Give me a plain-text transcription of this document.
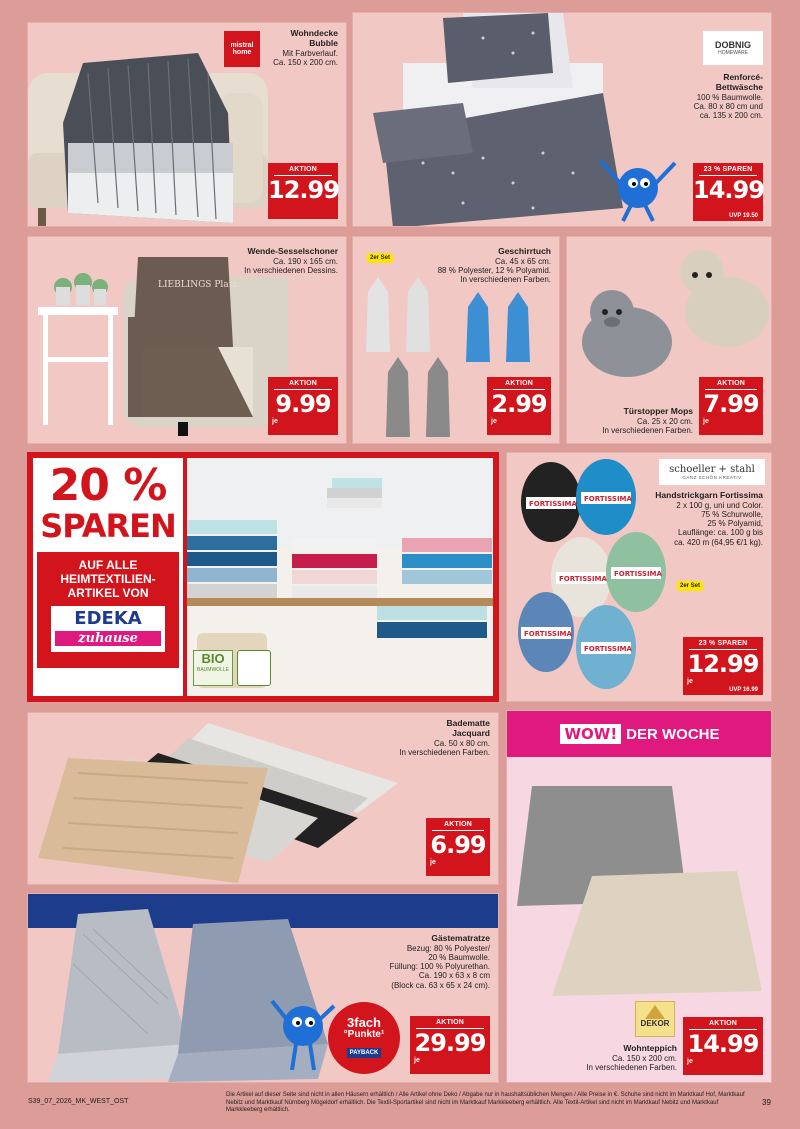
mistral home
Wohndecke
Bubble
Mit Farbverlauf.
Ca. 150 x 200 cm.
AKTION
12.99
DOBNIG
HOMEWARE
Renforcé-
Bettwäsche
100 % Baumwolle.
Ca. 80 x 80 cm und
ca. 135 x 200 cm.
23 % SPAREN
14.99
UVP 19.50
LIEBLINGS Platz
Wende-Sesselschoner
Ca. 190 x 165 cm.
In verschiedenen Dessins.
AKTION
9.99
je
2er Set
Geschirrtuch
Ca. 45 x 65 cm.
88 % Polyester, 12 % Polyamid.
In verschiedenen Farben.
AKTION
2.99
je
AKTION
7.99
je
Türstopper Mops
Ca. 25 x 20 cm.
In verschiedenen Farben.
20 %
SPAREN
AUF ALLE
HEIMTEXTILIEN-
ARTIKEL VON
EDEKA
zuhause
BIO
BAUMWOLLE
schoeller + stahl
GANZ SCHÖN KREATIV
Handstrickgarn Fortissima
2 x 100 g, uni und Color.
75 % Schurwolle,
25 % Polyamid,
Lauflänge: ca. 100 g bis
ca. 420 m (64,95 €/1 kg).
2er Set
FORTISSIMA
FORTISSIMA
FORTISSIMA
FORTISSIMA
FORTISSIMA
FORTISSIMA
23 % SPAREN
12.99
je
UVP 16.99
Badematte
Jacquard
Ca. 50 x 80 cm.
In verschiedenen Farben.
AKTION
6.99
je
3fach
°Punkte¹
PAYBACK
Gästematratze
Bezug: 80 % Polyester/
20 % Baumwolle.
Füllung: 100 % Polyurethan.
Ca. 190 x 63 x 8 cm
(Block ca. 63 x 65 x 24 cm).
AKTION
29.99
je
WOW! DER WOCHE
DEKOR	AKTION
14.99
je
Wohnteppich
Ca. 150 x 200 cm.
In verschiedenen Farben.
S39_07_2026_MK_WEST_OST
Die Artikel auf dieser Seite sind nicht in allen Häusern erhältlich / Alle Artikel ohne Deko / Abgabe nur in haushaltsüblichen Mengen / Alle Preise in €. Schuhe sind nicht im Marktkauf Hof, Marktkauf Nebitz und Marktkauf Nürnberg Mögeldorf erhältlich. Die Textil-Sportartikel sind nicht im Marktkauf Markkleeberg erhältlich. Alle Textil-Artikel sind nicht im Marktkauf Nebitz und Marktkauf Markkleeberg erhältlich.
39
